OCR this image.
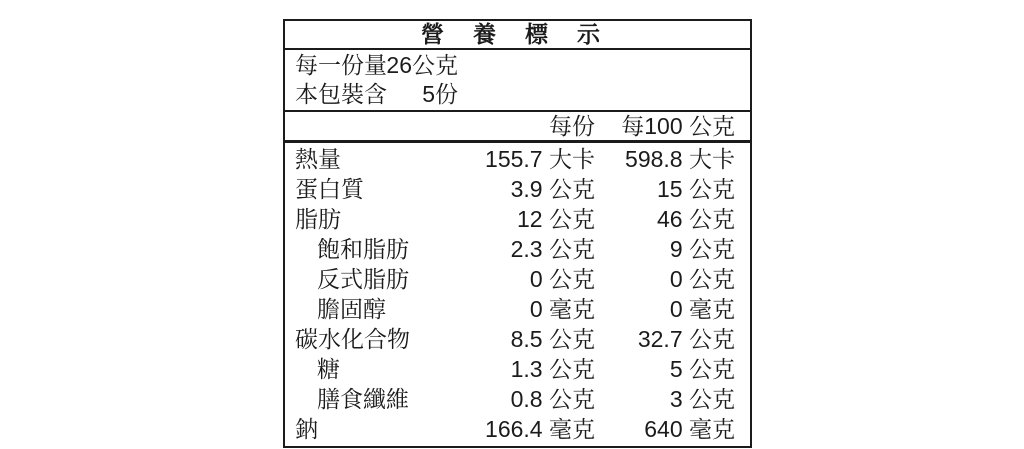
營養標示
每一份量 26公克
本包裝含	5份
每份	每100 公克
熱量	155.7 大卡	598.8 大卡
蛋白質	3.9 公克	15 公克
脂肪	12 公克	46 公克
飽和脂肪	2.3 公克	9 公克
反式脂肪	0 公克	0 公克
膽固醇	0 毫克	0 毫克
碳水化合物	8.5 公克	32.7 公克
糖	1.3 公克	5 公克
膳食纖維	0.8 公克	3 公克
鈉	166.4 毫克	640 毫克
